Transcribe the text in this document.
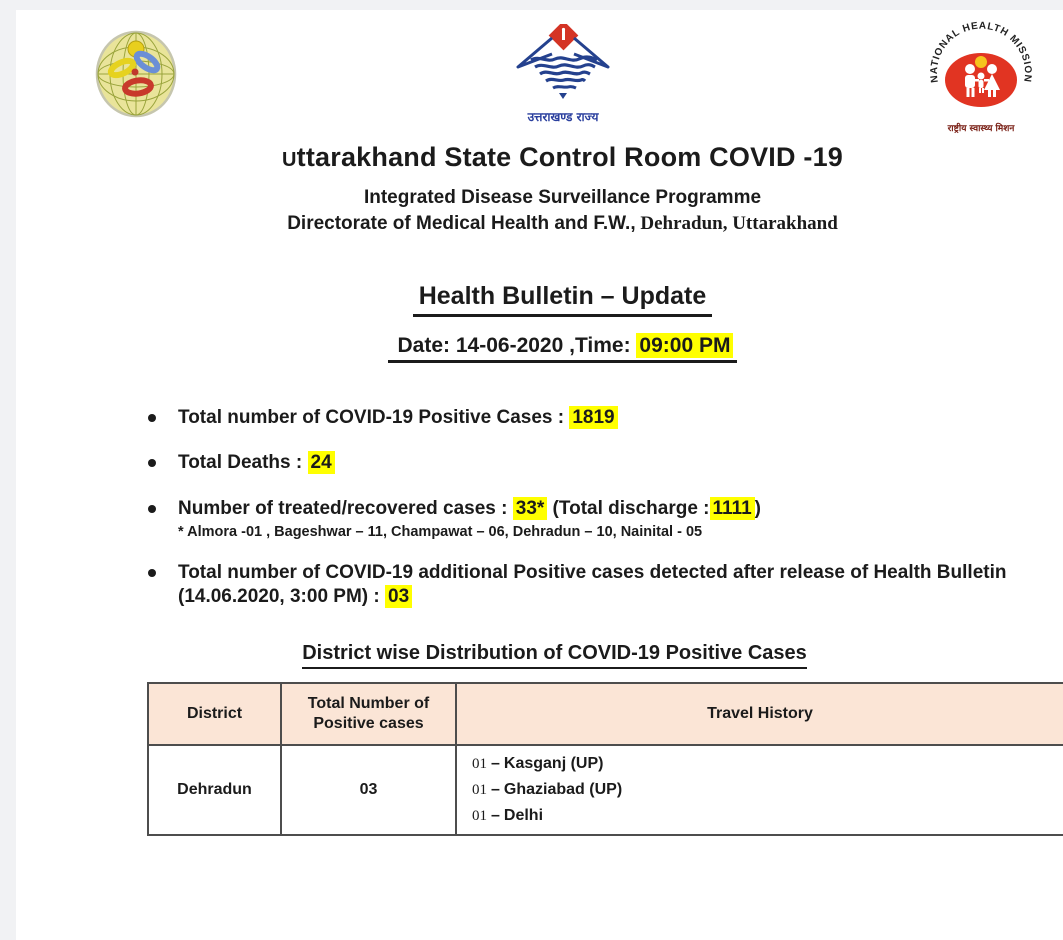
उत्तराखण्ड राज्य
NATIONAL HEALTH MISSION
राष्ट्रीय स्वास्थ्य मिशन
Uttarakhand State Control Room COVID -19
Integrated Disease Surveillance Programme
Directorate of Medical Health and F.W., Dehradun, Uttarakhand
Health Bulletin – Update
Date: 14-06-2020 ,Time: 09:00 PM
Total number of COVID-19 Positive Cases : 1819
Total Deaths : 24
Number of treated/recovered cases : 33* (Total discharge : 1111 )
* Almora -01 , Bageshwar – 11, Champawat – 06, Dehradun – 10, Nainital - 05
Total number of COVID-19 additional Positive cases detected after release of Health Bulletin (14.06.2020, 3:00 PM) : 03
District wise Distribution of COVID-19 Positive Cases
District	Total Number of Positive cases	Travel History
Dehradun	03	01 – Kasganj (UP)
01 – Ghaziabad (UP)
01 – Delhi
